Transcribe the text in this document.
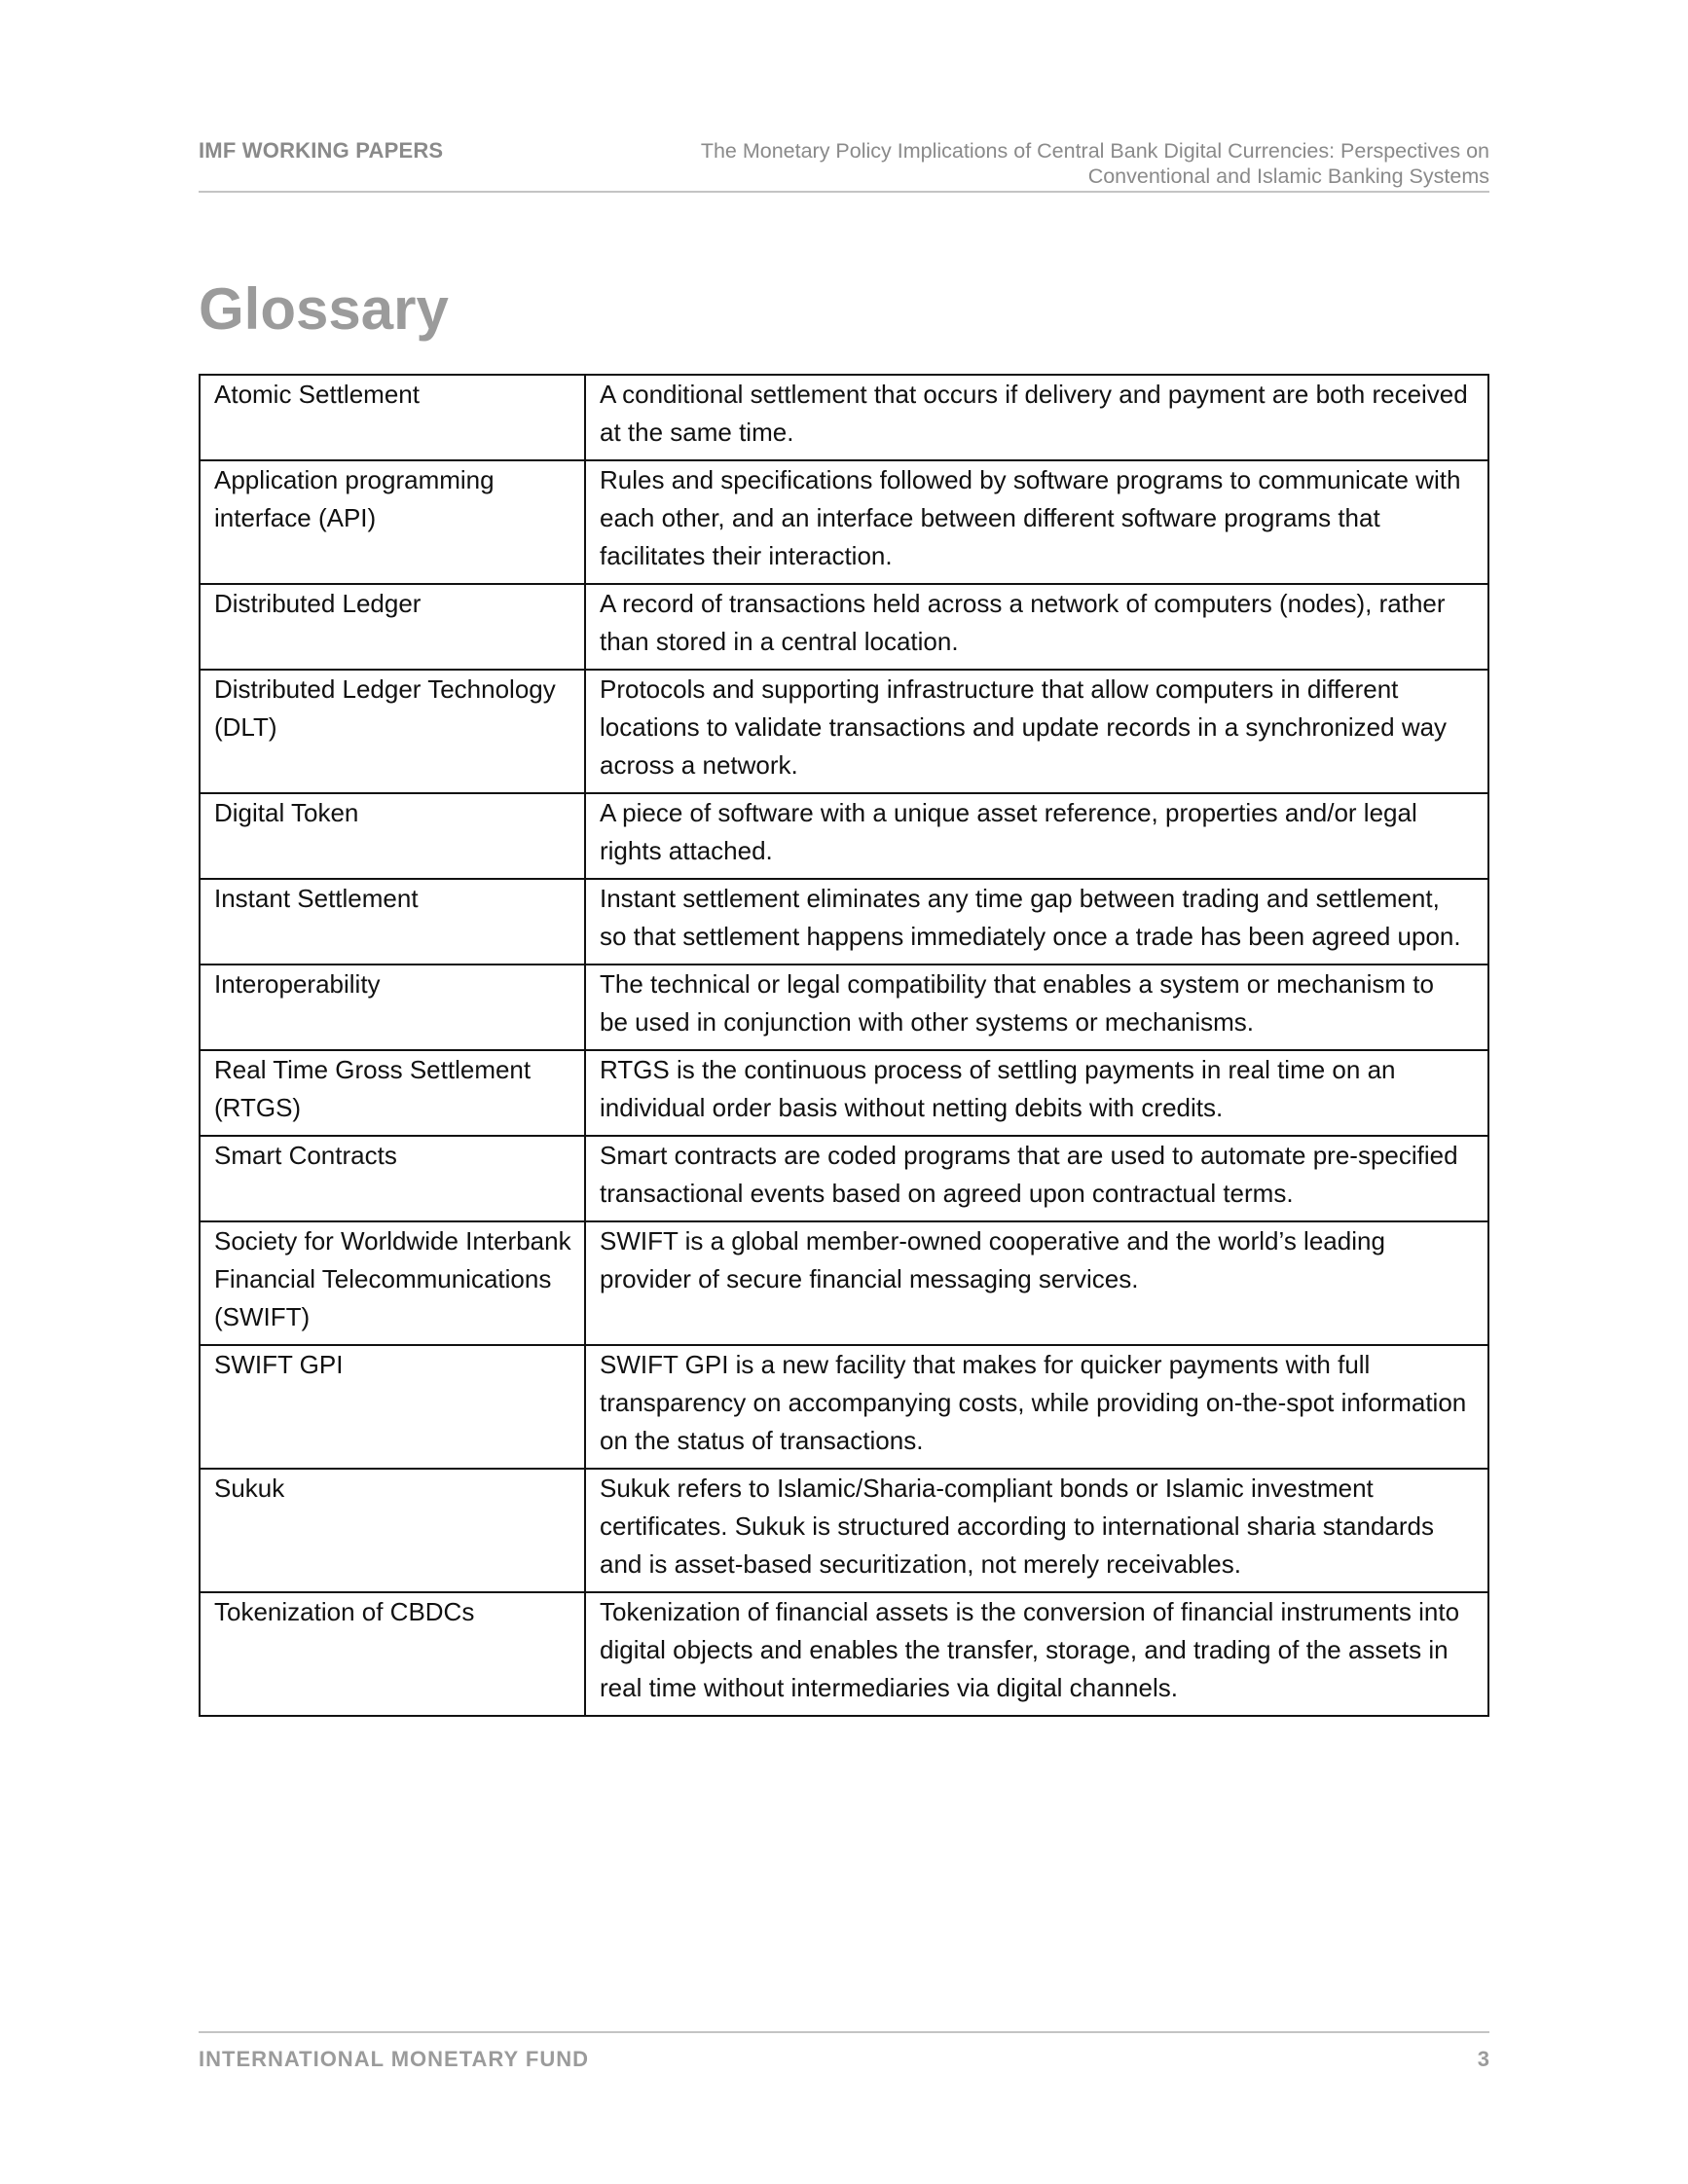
IMF WORKING PAPERS	The Monetary Policy Implications of Central Bank Digital Currencies: Perspectives on
Conventional and Islamic Banking Systems
Glossary
Atomic Settlement	A conditional settlement that occurs if delivery and payment are both received at the same time.
Application programming interface (API)	Rules and specifications followed by software programs to communicate with each other, and an interface between different software programs that facilitates their interaction.
Distributed Ledger	A record of transactions held across a network of computers (nodes), rather than stored in a central location.
Distributed Ledger Technology (DLT)	Protocols and supporting infrastructure that allow computers in different locations to validate transactions and update records in a synchronized way across a network.
Digital Token	A piece of software with a unique asset reference, properties and/or legal rights attached.
Instant Settlement	Instant settlement eliminates any time gap between trading and settlement, so that settlement happens immediately once a trade has been agreed upon.
Interoperability	The technical or legal compatibility that enables a system or mechanism to be used in conjunction with other systems or mechanisms.
Real Time Gross Settlement (RTGS)	RTGS is the continuous process of settling payments in real time on an individual order basis without netting debits with credits.
Smart Contracts	Smart contracts are coded programs that are used to automate pre-specified transactional events based on agreed upon contractual terms.
Society for Worldwide Interbank Financial Telecommunications (SWIFT)	SWIFT is a global member-owned cooperative and the world’s leading provider of secure financial messaging services.
SWIFT GPI	SWIFT GPI is a new facility that makes for quicker payments with full transparency on accompanying costs, while providing on-the-spot information on the status of transactions.
Sukuk	Sukuk refers to Islamic/Sharia-compliant bonds or Islamic investment certificates. Sukuk is structured according to international sharia standards and is asset-based securitization, not merely receivables.
Tokenization of CBDCs	Tokenization of financial assets is the conversion of financial instruments into digital objects and enables the transfer, storage, and trading of the assets in real time without intermediaries via digital channels.
INTERNATIONAL MONETARY FUND	3
